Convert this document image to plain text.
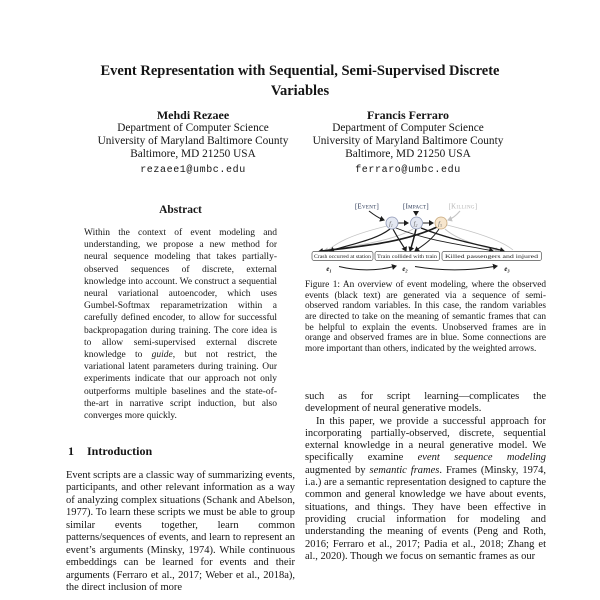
Event Representation with Sequential, Semi-Supervised Discrete
Variables
Mehdi Rezaee
Department of Computer Science
University of Maryland Baltimore County
Baltimore, MD 21250 USA
rezaee1@umbc.edu
Francis Ferraro
Department of Computer Science
University of Maryland Baltimore County
Baltimore, MD 21250 USA
ferraro@umbc.edu
Abstract

Within the context of event modeling and understanding, we propose a new method for neural sequence modeling that takes partially-observed sequences of discrete, external knowledge into account. We construct a sequential neural variational autoencoder, which uses Gumbel-Softmax reparametrization within a carefully defined encoder, to allow for successful backpropagation during training. The core idea is to allow semi-supervised external discrete knowledge to guide, but not restrict, the variational latent parameters during training. Our experiments indicate that our approach not only outperforms multiple baselines and the state-of-the-art in narrative script induction, but also converges more quickly.

1 Introduction

Event scripts are a classic way of summarizing events, participants, and other relevant information as a way of analyzing complex situations (Schank and Abelson, 1977). To learn these scripts we must be able to group similar events together, learn common patterns/sequences of events, and learn to represent an event’s arguments (Minsky, 1974). While continuous embeddings can be learned for events and their arguments (Ferraro et al., 2017; Weber et al., 2018a), the direct inclusion of more

[Event]	[Impact]	[Killing]
$f_1$	$f_2$	$f_3$
Crash occurred at station Train collided with train Killed passengers and injured
$e_1$	$e_2$	$e_3$
Figure 1: An overview of event modeling, where the observed events (black text) are generated via a sequence of semi-observed random variables. In this case, the random variables are directed to take on the meaning of semantic frames that can be helpful to explain the events. Unobserved frames are in orange and observed frames are in blue. Some connections are more important than others, indicated by the weighted arrows.

such as for script learning—complicates the development of neural generative models.

In this paper, we provide a successful approach for incorporating partially-observed, discrete, sequential external knowledge in a neural generative model. We specifically examine event sequence modeling augmented by semantic frames. Frames (Minsky, 1974, i.a.) are a semantic representation designed to capture the common and general knowledge we have about events, situations, and things. They have been effective in providing crucial information for modeling and understanding the meaning of events (Peng and Roth, 2016; Ferraro et al., 2017; Padia et al., 2018; Zhang et al., 2020). Though we focus on semantic frames as our
